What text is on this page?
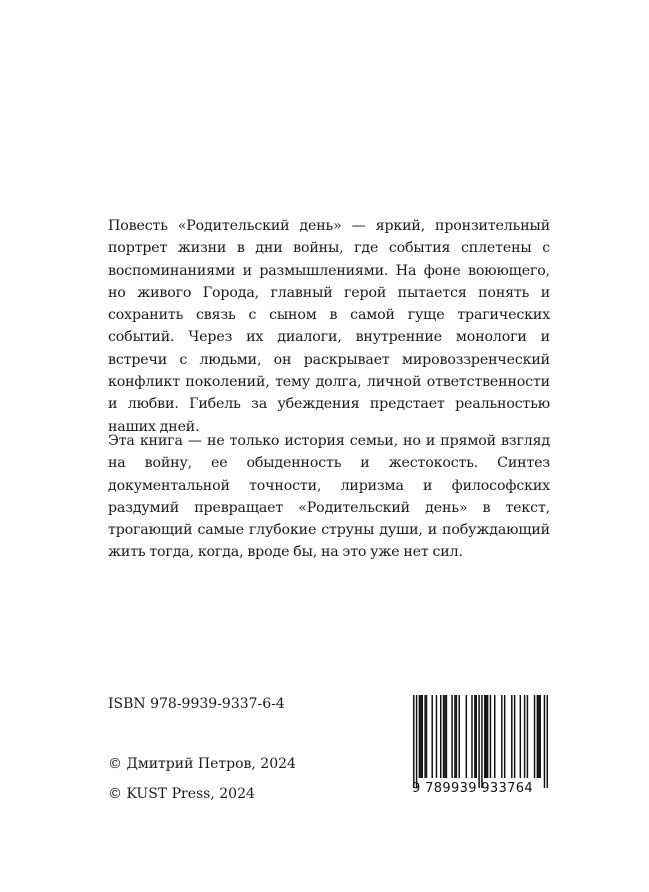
Повесть «Родительский день» — яркий, пронзительный портрет жизни в дни войны, где события сплетены с воспоминаниями и размышлениями. На фоне воюющего, но живого Города, главный герой пытается понять и сохранить связь с сыном в самой гуще трагических событий. Через их диалоги, внутренние монологи и встречи с людьми, он раскрывает мировоззренческий конфликт поколений, тему долга, личной ответственности и любви. Гибель за убеждения предстает реальностью наших дней.

Эта книга — не только история семьи, но и прямой взгляд на войну, ее обыденность и жестокость. Синтез документальной точности, лиризма и философских раздумий превращает «Родительский день» в текст, трогающий самые глубокие струны души, и побуждающий жить тогда, когда, вроде бы, на это уже нет сил.

ISBN 978-9939-9337-6-4
© Дмитрий Петров, 2024
© KUST Press, 2024	9 789939 933764
